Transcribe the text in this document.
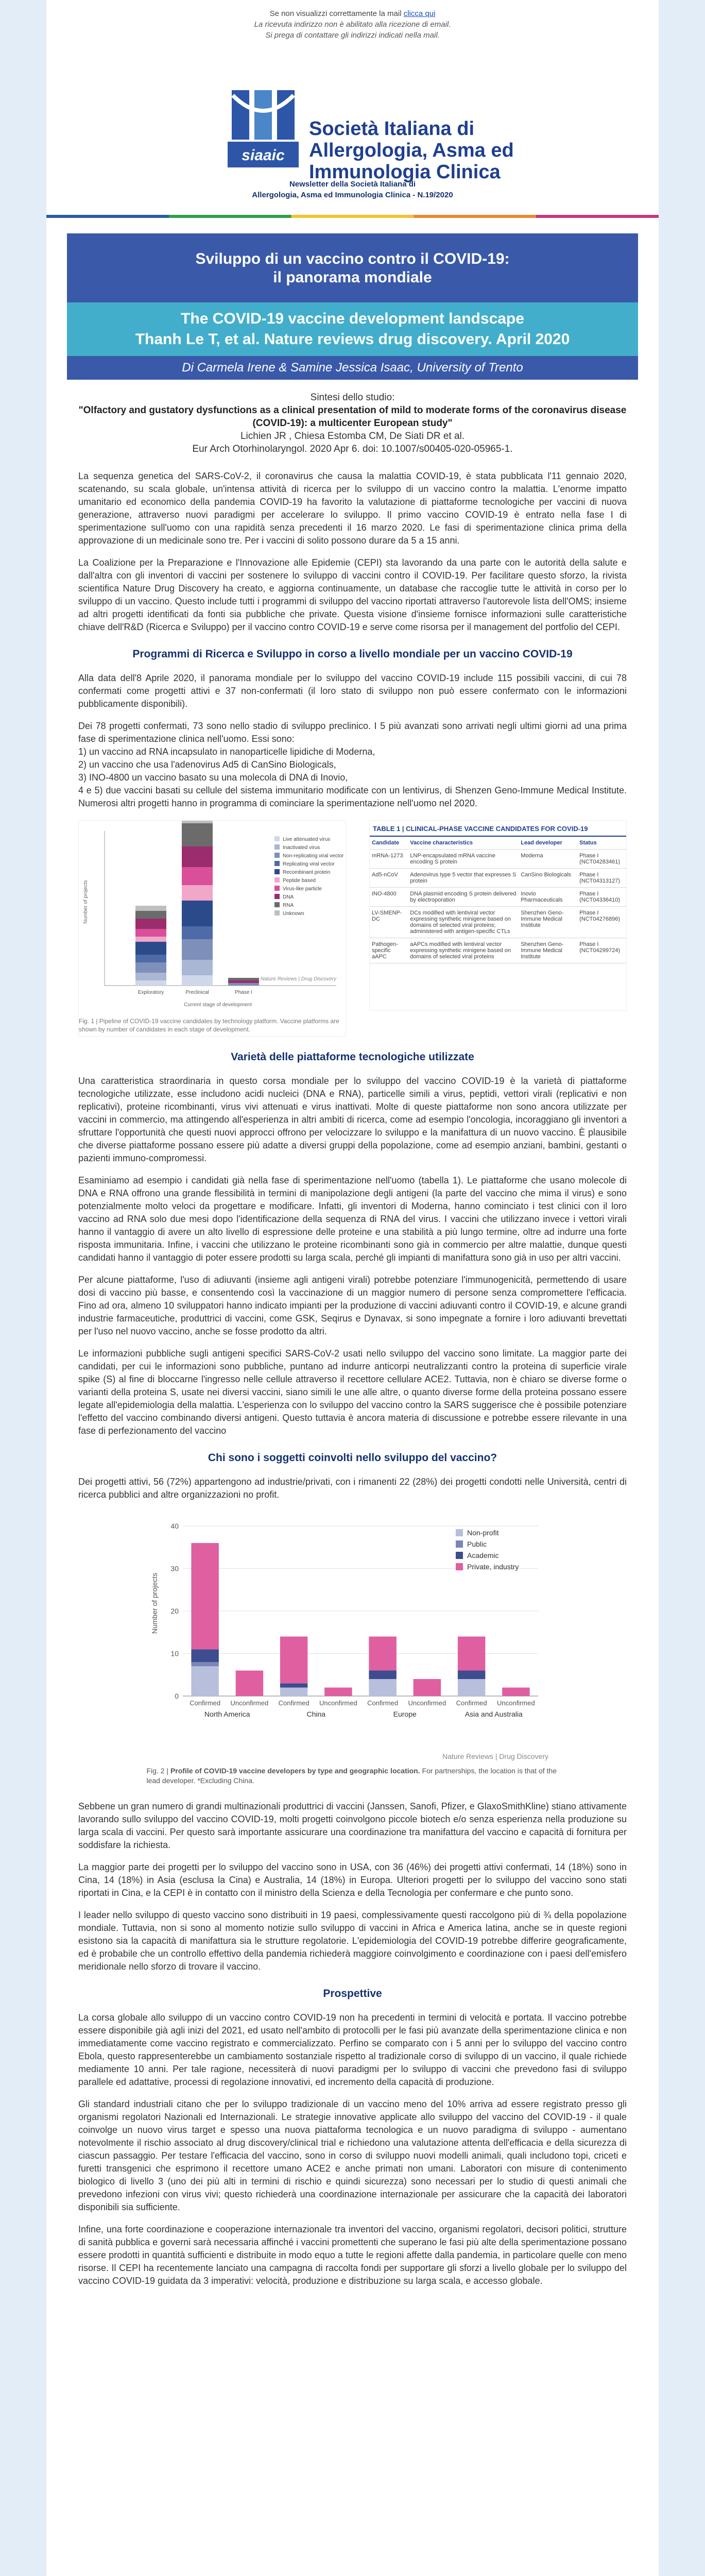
Se non visualizzi correttamente la mail clicca qui
La ricevuta indirizzo non è abilitato alla ricezione di email.
Si prega di contattare gli indirizzi indicati nella mail.
siaaic
Società Italiana di
Allergologia, Asma ed
Immunologia Clinica
Newsletter della Società Italiana di
Allergologia, Asma ed Immunologia Clinica - N.19/2020
Sviluppo di un vaccino contro il COVID-19:
il panorama mondiale
The COVID-19 vaccine development landscape
Thanh Le T, et al. Nature reviews drug discovery. April 2020
Di Carmela Irene & Samine Jessica Isaac, University of Trento
Sintesi dello studio:
"Olfactory and gustatory dysfunctions as a clinical presentation of mild to moderate forms of the coronavirus disease (COVID-19): a multicenter European study"
Lichien JR , Chiesa Estomba CM, De Siati DR et al.
Eur Arch Otorhinolaryngol. 2020 Apr 6. doi: 10.1007/s00405-020-05965-1.

La sequenza genetica del SARS-CoV-2, il coronavirus che causa la malattia COVID-19, è stata pubblicata l'11 gennaio 2020, scatenando, su scala globale, un'intensa attività di ricerca per lo sviluppo di un vaccino contro la malattia. L'enorme impatto umanitario ed economico della pandemia COVID-19 ha favorito la valutazione di piattaforme tecnologiche per vaccini di nuova generazione, attraverso nuovi paradigmi per accelerare lo sviluppo. Il primo vaccino COVID-19 è entrato nella fase I di sperimentazione sull'uomo con una rapidità senza precedenti il 16 marzo 2020. Le fasi di sperimentazione clinica prima della approvazione di un medicinale sono tre. Per i vaccini di solito possono durare da 5 a 15 anni.

La Coalizione per la Preparazione e l'Innovazione alle Epidemie (CEPI) sta lavorando da una parte con le autorità della salute e dall'altra con gli inventori di vaccini per sostenere lo sviluppo di vaccini contro il COVID-19. Per facilitare questo sforzo, la rivista scientifica Nature Drug Discovery ha creato, e aggiorna continuamente, un database che raccoglie tutte le attività in corso per lo sviluppo di un vaccino. Questo include tutti i programmi di sviluppo del vaccino riportati attraverso l'autorevole lista dell'OMS; insieme ad altri progetti identificati da fonti sia pubbliche che private. Questa visione d'insieme fornisce informazioni sulle caratteristiche chiave dell'R&D (Ricerca e Sviluppo) per il vaccino contro COVID-19 e serve come risorsa per il management del portfolio del CEPI.

Programmi di Ricerca e Sviluppo in corso a livello mondiale per un vaccino COVID-19

Alla data dell'8 Aprile 2020, il panorama mondiale per lo sviluppo del vaccino COVID-19 include 115 possibili vaccini, di cui 78 confermati come progetti attivi e 37 non-confermati (il loro stato di sviluppo non può essere confermato con le informazioni pubblicamente disponibili).

Dei 78 progetti confermati, 73 sono nello stadio di sviluppo preclinico. I 5 più avanzati sono arrivati negli ultimi giorni ad una prima fase di sperimentazione clinica nell'uomo. Essi sono:

1) un vaccino ad RNA incapsulato in nanoparticelle lipidiche di Moderna,
2) un vaccino che usa l'adenovirus Ad5 di CanSino Biologicals,
3) INO-4800 un vaccino basato su una molecola di DNA di Inovio,
4 e 5) due vaccini basati su cellule del sistema immunitario modificate con un lentivirus, di Shenzen Geno-Immune Medical Institute. Numerosi altri progetti hanno in programma di cominciare la sperimentazione nell'uomo nel 2020.
Number of projects
Current stage of development
Exploratory	Preclinical	Phase I
Live attenuated virus
Inactivated virus
Non-replicating viral vector
Replicating viral vector
Recombinant protein
Peptide based
Virus-like particle
DNA
RNA
Unknown
Nature Reviews | Drug Discovery
Fig. 1 | Pipeline of COVID-19 vaccine candidates by technology platform. Vaccine platforms are shown by number of candidates in each stage of development.
TABLE 1 | CLINICAL-PHASE VACCINE CANDIDATES FOR COVID-19
Candidate	Vaccine characteristics	Lead developer	Status
mRNA-1273	LNP-encapsulated mRNA vaccine encoding S protein	Moderna	Phase I (NCT04283461)
Ad5-nCoV	Adenovirus type 5 vector that expresses S protein	CanSino Biologicals	Phase I (NCT04313127)
INO-4800	DNA plasmid encoding S protein delivered by electroporation	Inovio Pharmaceuticals	Phase I (NCT04336410)
LV-SMENP-DC	DCs modified with lentiviral vector expressing synthetic minigene based on domains of selected viral proteins; administered with antigen-specific CTLs	Shenzhen Geno-Immune Medical Institute	Phase I (NCT04276896)
Pathogen-specific aAPC	aAPCs modified with lentiviral vector expressing synthetic minigene based on domains of selected viral proteins	Shenzhen Geno-Immune Medical Institute	Phase I (NCT04299724)
Varietà delle piattaforme tecnologiche utilizzate

Una caratteristica straordinaria in questo corsa mondiale per lo sviluppo del vaccino COVID-19 è la varietà di piattaforme tecnologiche utilizzate, esse includono acidi nucleici (DNA e RNA), particelle simili a virus, peptidi, vettori virali (replicativi e non replicativi), proteine ricombinanti, virus vivi attenuati e virus inattivati. Molte di queste piattaforme non sono ancora utilizzate per vaccini in commercio, ma attingendo all'esperienza in altri ambiti di ricerca, come ad esempio l'oncologia, incoraggiano gli inventori a sfruttare l'opportunità che questi nuovi approcci offrono per velocizzare lo sviluppo e la manifattura di un nuovo vaccino. È plausibile che diverse piattaforme possano essere più adatte a diversi gruppi della popolazione, come ad esempio anziani, bambini, gestanti o pazienti immuno-compromessi.

Esaminiamo ad esempio i candidati già nella fase di sperimentazione nell'uomo (tabella 1). Le piattaforme che usano molecole di DNA e RNA offrono una grande flessibilità in termini di manipolazione degli antigeni (la parte del vaccino che mima il virus) e sono potenzialmente molto veloci da progettare e modificare. Infatti, gli inventori di Moderna, hanno cominciato i test clinici con il loro vaccino ad RNA solo due mesi dopo l'identificazione della sequenza di RNA del virus. I vaccini che utilizzano invece i vettori virali hanno il vantaggio di avere un alto livello di espressione delle proteine e una stabilità a più lungo termine, oltre ad indurre una forte risposta immunitaria. Infine, i vaccini che utilizzano le proteine ricombinanti sono già in commercio per altre malattie, dunque questi candidati hanno il vantaggio di poter essere prodotti su larga scala, perché gli impianti di manifattura sono già in uso per altri vaccini.

Per alcune piattaforme, l'uso di adiuvanti (insieme agli antigeni virali) potrebbe potenziare l'immunogenicità, permettendo di usare dosi di vaccino più basse, e consentendo così la vaccinazione di un maggior numero di persone senza compromettere l'efficacia. Fino ad ora, almeno 10 sviluppatori hanno indicato impianti per la produzione di vaccini adiuvanti contro il COVID-19, e alcune grandi industrie farmaceutiche, produttrici di vaccini, come GSK, Seqirus e Dynavax, si sono impegnate a fornire i loro adiuvanti brevettati per l'uso nel nuovo vaccino, anche se fosse prodotto da altri.

Le informazioni pubbliche sugli antigeni specifici SARS-CoV-2 usati nello sviluppo del vaccino sono limitate. La maggior parte dei candidati, per cui le informazioni sono pubbliche, puntano ad indurre anticorpi neutralizzanti contro la proteina di superficie virale spike (S) al fine di bloccarne l'ingresso nelle cellule attraverso il recettore cellulare ACE2. Tuttavia, non è chiaro se diverse forme o varianti della proteina S, usate nei diversi vaccini, siano simili le une alle altre, o quanto diverse forme della proteina possano essere legate all'epidemiologia della malattia. L'esperienza con lo sviluppo del vaccino contro la SARS suggerisce che è possibile potenziare l'effetto del vaccino combinando diversi antigeni. Questo tuttavia è ancora materia di discussione e potrebbe essere rilevante in una fase di perfezionamento del vaccino

Chi sono i soggetti coinvolti nello sviluppo del vaccino?

Dei progetti attivi, 56 (72%) appartengono ad industrie/privati, con i rimanenti 22 (28%) dei progetti condotti nelle Università, centri di ricerca pubblici and altre organizzazioni no profit.

Number of projects
0
10
20
30
40
Non-profit
Public
Academic
Private, industry
Confirmed Unconfirmed Confirmed Unconfirmed Confirmed Unconfirmed Confirmed Unconfirmed
North America	China	Europe	Asia and Australia
Nature Reviews | Drug Discovery
Fig. 2 | Profile of COVID-19 vaccine developers by type and geographic location. For partnerships, the location is that of the lead developer. *Excluding China.

Sebbene un gran numero di grandi multinazionali produttrici di vaccini (Janssen, Sanofi, Pfizer, e GlaxoSmithKline) stiano attivamente lavorando sullo sviluppo del vaccino COVID-19, molti progetti coinvolgono piccole biotech e/o senza esperienza nella produzione su larga scala di vaccini. Per questo sarà importante assicurare una coordinazione tra manifattura del vaccino e capacità di fornitura per soddisfare la richiesta.

La maggior parte dei progetti per lo sviluppo del vaccino sono in USA, con 36 (46%) dei progetti attivi confermati, 14 (18%) sono in Cina, 14 (18%) in Asia (esclusa la Cina) e Australia, 14 (18%) in Europa. Ulteriori progetti per lo sviluppo del vaccino sono stati riportati in Cina, e la CEPI è in contatto con il ministro della Scienza e della Tecnologia per confermare e che punto sono.

I leader nello sviluppo di questo vaccino sono distribuiti in 19 paesi, complessivamente questi raccolgono più di ¾ della popolazione mondiale. Tuttavia, non si sono al momento notizie sullo sviluppo di vaccini in Africa e America latina, anche se in queste regioni esistono sia la capacità di manifattura sia le strutture regolatorie. L'epidemiologia del COVID-19 potrebbe differire geograficamente, ed è probabile che un controllo effettivo della pandemia richiederà maggiore coinvolgimento e coordinazione con i paesi dell'emisfero meridionale nello sforzo di trovare il vaccino.

Prospettive

La corsa globale allo sviluppo di un vaccino contro COVID-19 non ha precedenti in termini di velocità e portata. Il vaccino potrebbe essere disponibile già agli inizi del 2021, ed usato nell'ambito di protocolli per le fasi più avanzate della sperimentazione clinica e non immediatamente come vaccino registrato e commercializzato. Perfino se comparato con i 5 anni per lo sviluppo del vaccino contro Ebola, questo rappresenterebbe un cambiamento sostanziale rispetto al tradizionale corso di sviluppo di un vaccino, il quale richiede mediamente 10 anni. Per tale ragione, necessiterà di nuovi paradigmi per lo sviluppo di vaccini che prevedono fasi di sviluppo parallele ed adattative, processi di regolazione innovativi, ed incremento della capacità di produzione.

Gli standard industriali citano che per lo sviluppo tradizionale di un vaccino meno del 10% arriva ad essere registrato presso gli organismi regolatori Nazionali ed Internazionali. Le strategie innovative applicate allo sviluppo del vaccino del COVID-19 - il quale coinvolge un nuovo virus target e spesso una nuova piattaforma tecnologica e un nuovo paradigma di sviluppo - aumentano notevolmente il rischio associato al drug discovery/clinical trial e richiedono una valutazione attenta dell'efficacia e della sicurezza di ciascun passaggio. Per testare l'efficacia del vaccino, sono in corso di sviluppo nuovi modelli animali, quali includono topi, criceti e furetti transgenici che esprimono il recettore umano ACE2 e anche primati non umani. Laboratori con misure di contenimento biologico di livello 3 (uno dei più alti in termini di rischio e quindi sicurezza) sono necessari per lo studio di questi animali che prevedono infezioni con virus vivi; questo richiederà una coordinazione internazionale per assicurare che la capacità dei laboratori disponibili sia sufficiente.

Infine, una forte coordinazione e cooperazione internazionale tra inventori del vaccino, organismi regolatori, decisori politici, strutture di sanità pubblica e governi sarà necessaria affinché i vaccini promettenti che superano le fasi più alte della sperimentazione possano essere prodotti in quantità sufficienti e distribuite in modo equo a tutte le regioni affette dalla pandemia, in particolare quelle con meno risorse. Il CEPI ha recentemente lanciato una campagna di raccolta fondi per supportare gli sforzi a livello globale per lo sviluppo del vaccino COVID-19 guidata da 3 imperativi: velocità, produzione e distribuzione su larga scala, e accesso globale.
